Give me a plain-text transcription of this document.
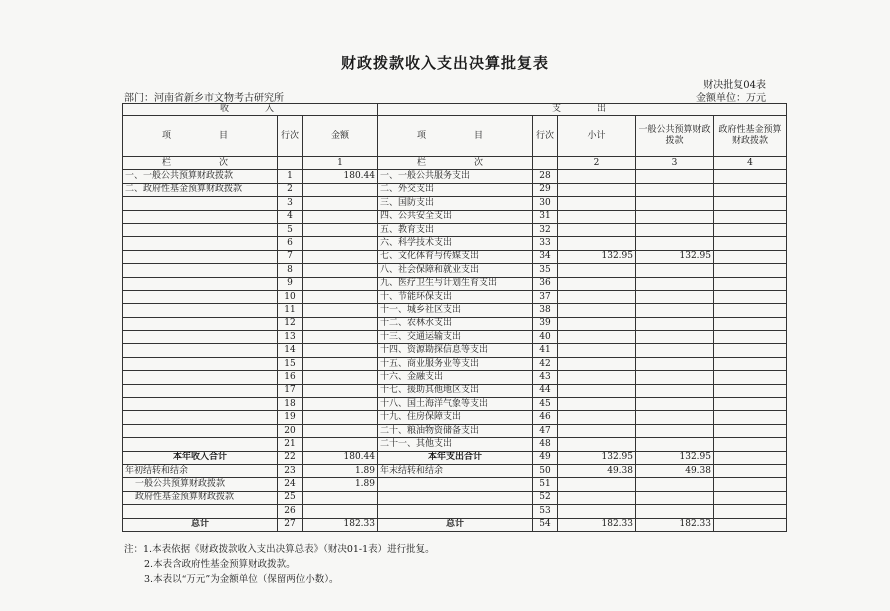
财政拨款收入支出决算批复表
财决批复04表
部门：河南省新乡市文物考古研究所	金额单位：万元
收　　入			支　　出				
项　　目	行次	金额	项　　目	行次	小计	一般公共预算财政拨款	政府性基金预算财政拨款
栏　　次		1	栏　　次		2	3	4
一、一般公共预算财政拨款	1	180.44	一、一般公共服务支出	28			
二、政府性基金预算财政拨款	2		二、外交支出	29			
	3		三、国防支出	30			
	4		四、公共安全支出	31			
	5		五、教育支出	32			
	6		六、科学技术支出	33			
	7		七、文化体育与传媒支出	34	132.95	132.95	
	8		八、社会保障和就业支出	35			
	9		九、医疗卫生与计划生育支出	36			
	10		十、节能环保支出	37			
	11		十一、城乡社区支出	38			
	12		十二、农林水支出	39			
	13		十三、交通运输支出	40			
	14		十四、资源勘探信息等支出	41			
	15		十五、商业服务业等支出	42			
	16		十六、金融支出	43			
	17		十七、援助其他地区支出	44			
	18		十八、国土海洋气象等支出	45			
	19		十九、住房保障支出	46			
	20		二十、粮油物资储备支出	47			
	21		二十一、其他支出	48			
本年收入合计	22	180.44	本年支出合计	49	132.95	132.95	
年初结转和结余	23	1.89	年末结转和结余	50	49.38	49.38	
一般公共预算财政拨款	24	1.89		51			
政府性基金预算财政拨款	25			52			
	26			53			
总计	27	182.33	总计	54	182.33	182.33	
注：1.本表依据《财政拨款收入支出决算总表》（财决01-1表）进行批复。
2.本表含政府性基金预算财政拨款。
3.本表以“万元”为金额单位（保留两位小数）。
